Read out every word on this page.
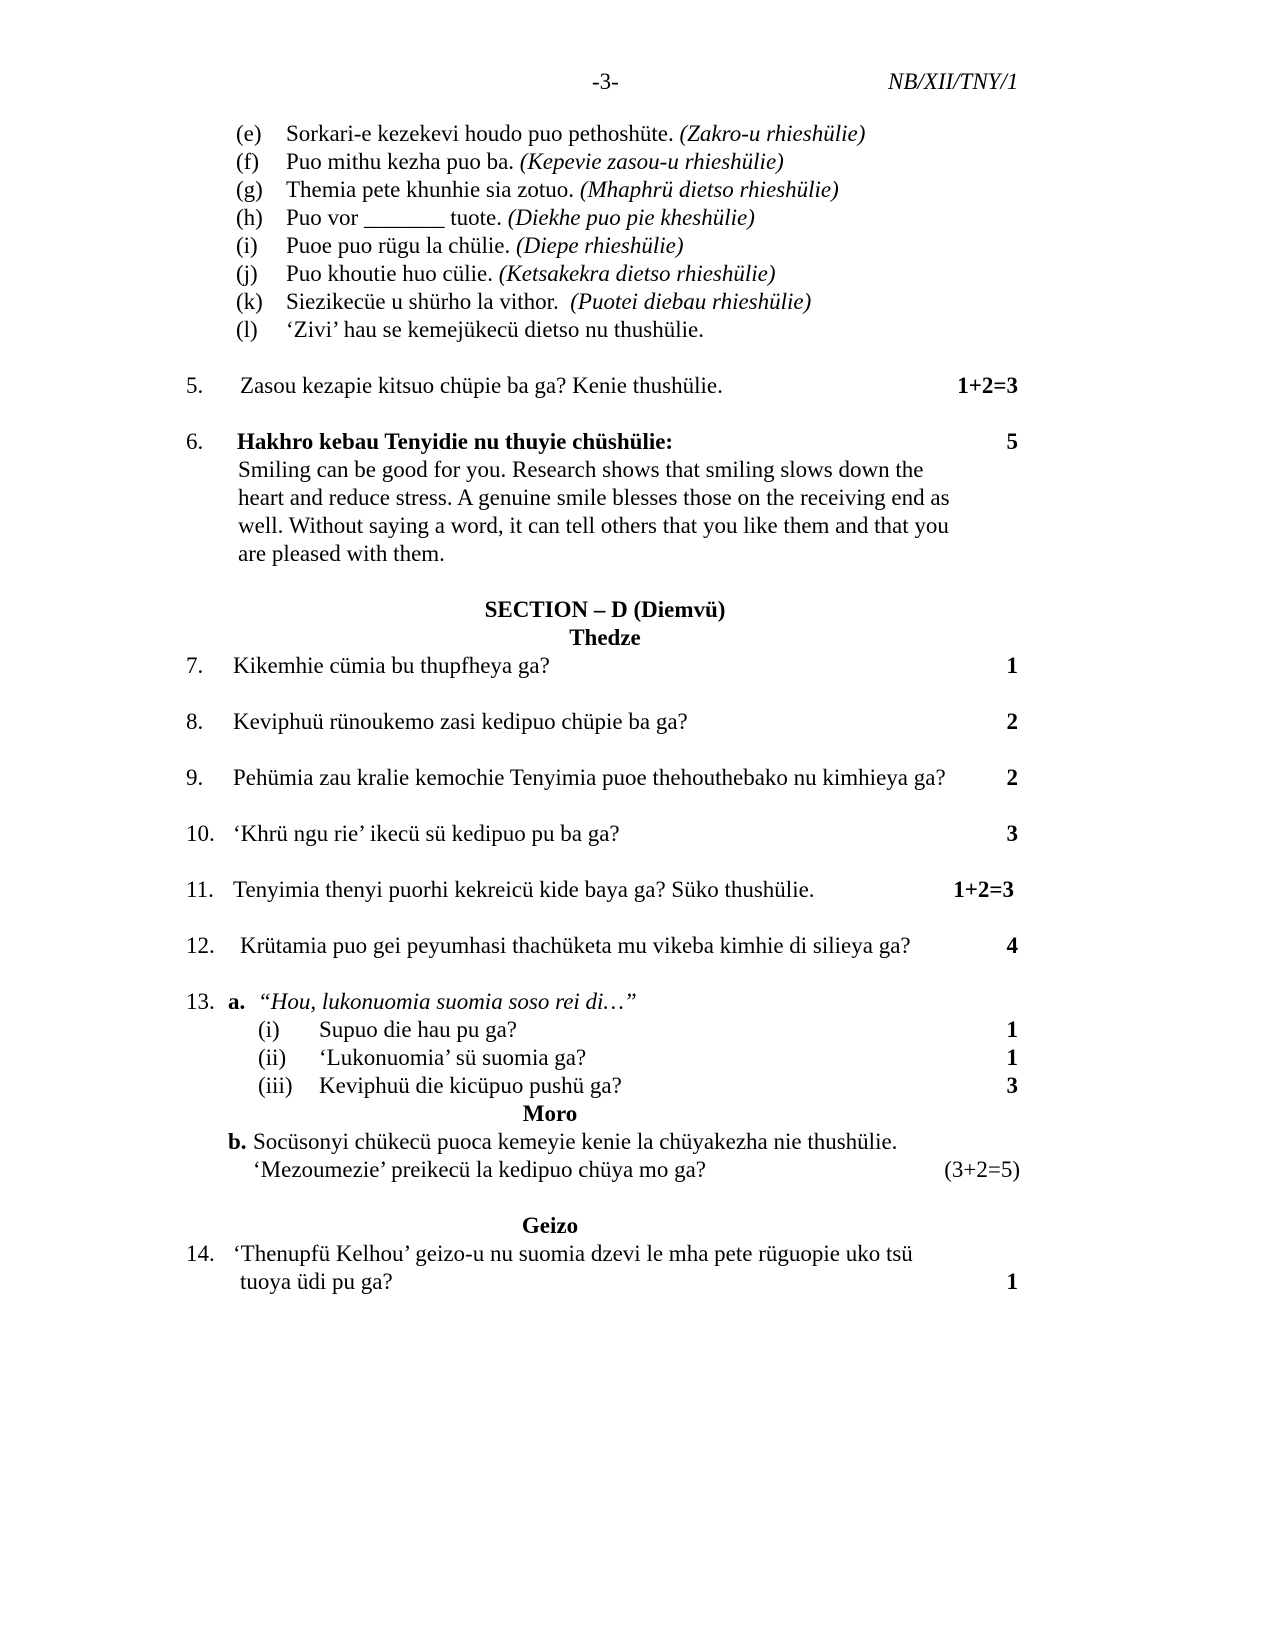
-3-	NB/XII/TNY/1
(e) Sorkari-e kezekevi houdo puo pethoshüte. (Zakro-u rhieshülie)
(f) Puo mithu kezha puo ba. (Kepevie zasou-u rhieshülie)
(g) Themia pete khunhie sia zotuo. (Mhaphrü dietso rhieshülie)
(h) Puo vor _______ tuote. (Diekhe puo pie kheshülie)
(i) Puoe puo rügu la chülie. (Diepe rhieshülie)
(j) Puo khoutie huo cülie. (Ketsakekra dietso rhieshülie)
(k) Siezikecüe u shürho la vithor. (Puotei diebau rhieshülie)
(l) ‘Zivi’ hau se kemejükecü dietso nu thushülie.
5. Zasou kezapie kitsuo chüpie ba ga? Kenie thushülie.	1+2=3
6. Hakhro kebau Tenyidie nu thuyie chüshülie:	5
Smiling can be good for you. Research shows that smiling slows down the
heart and reduce stress. A genuine smile blesses those on the receiving end as
well. Without saying a word, it can tell others that you like them and that you
are pleased with them.
SECTION – D (Diemvü)
Thedze
7. Kikemhie cümia bu thupfheya ga?	1
8. Keviphuü rünoukemo zasi kedipuo chüpie ba ga?	2
9. Pehümia zau kralie kemochie Tenyimia puoe thehouthebako nu kimhieya ga?	2
10. ‘Khrü ngu rie’ ikecü sü kedipuo pu ba ga?	3
11. Tenyimia thenyi puorhi kekreicü kide baya ga? Süko thushülie.	1+2=3
12. Krütamia puo gei peyumhasi thachüketa mu vikeba kimhie di silieya ga?	4
13. a. “Hou, lukonuomia suomia soso rei di…”
(i) Supuo die hau pu ga?	1
(ii) ‘Lukonuomia’ sü suomia ga?	1
(iii) Keviphuü die kicüpuo pushü ga?	3
Moro
b. Socüsonyi chükecü puoca kemeyie kenie la chüyakezha nie thushülie.
‘Mezoumezie’ preikecü la kedipuo chüya mo ga?	(3+2=5)
Geizo
14. ‘Thenupfü Kelhou’ geizo-u nu suomia dzevi le mha pete rüguopie uko tsü
tuoya üdi pu ga?	1
